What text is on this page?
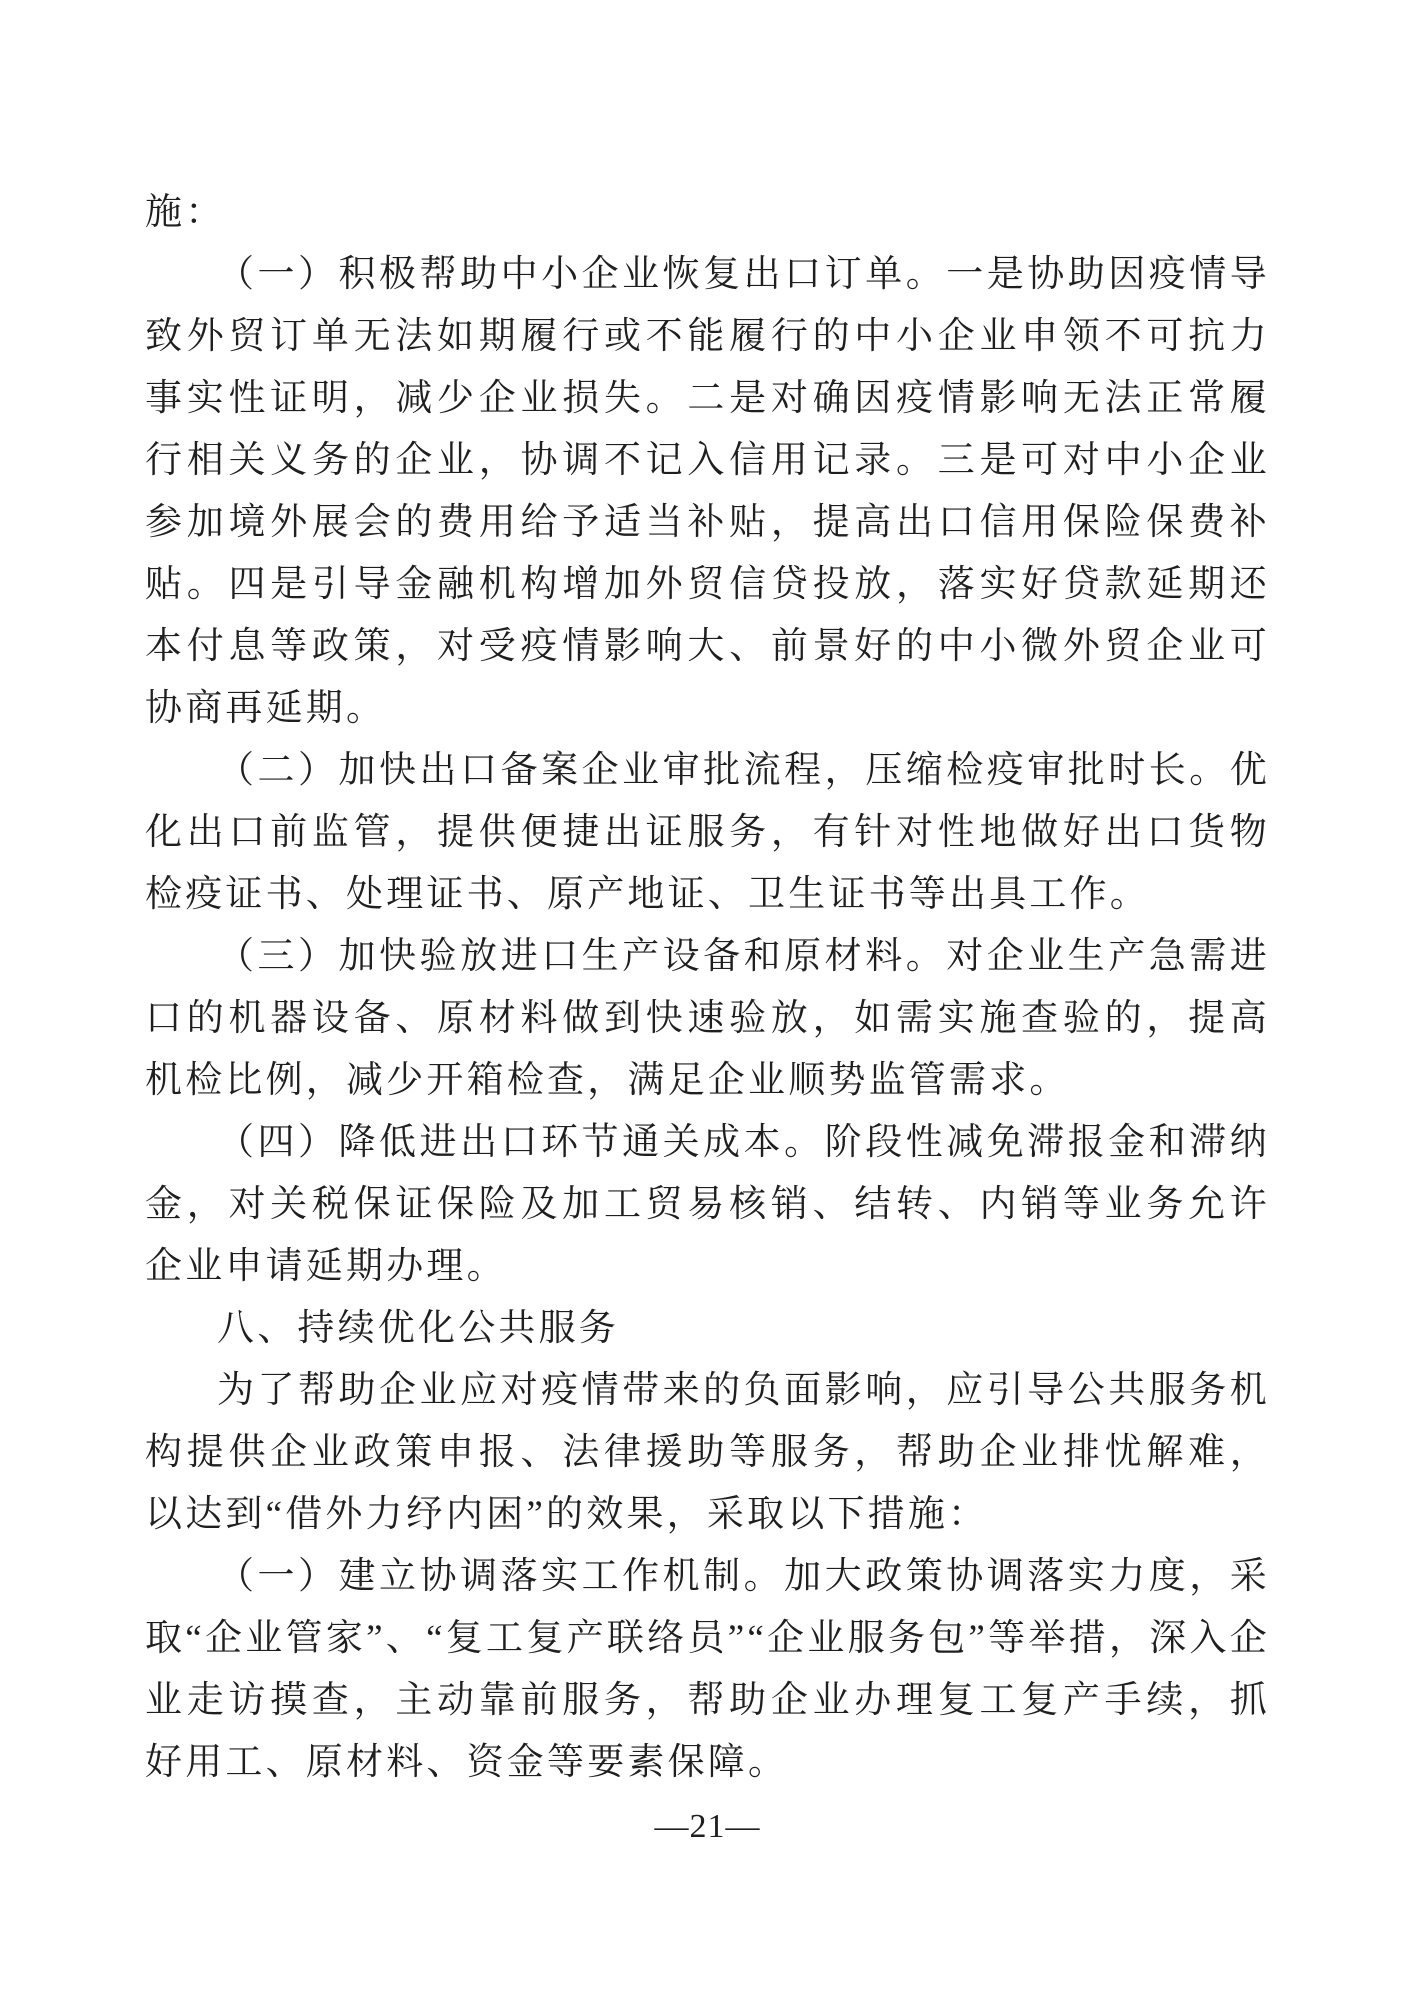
施：

（一）积极帮助中小企业恢复出口订单。一是协助因疫情导致外贸订单无法如期履行或不能履行的中小企业申领不可抗力事实性证明，减少企业损失。二是对确因疫情影响无法正常履行相关义务的企业，协调不记入信用记录。三是可对中小企业参加境外展会的费用给予适当补贴，提高出口信用保险保费补贴。四是引导金融机构增加外贸信贷投放，落实好贷款延期还本付息等政策，对受疫情影响大、前景好的中小微外贸企业可协商再延期。

（二）加快出口备案企业审批流程，压缩检疫审批时长。优化出口前监管，提供便捷出证服务，有针对性地做好出口货物检疫证书、处理证书、原产地证、卫生证书等出具工作。

（三）加快验放进口生产设备和原材料。对企业生产急需进口的机器设备、原材料做到快速验放，如需实施查验的，提高机检比例，减少开箱检查，满足企业顺势监管需求。

（四）降低进出口环节通关成本。阶段性减免滞报金和滞纳金，对关税保证保险及加工贸易核销、结转、内销等业务允许企业申请延期办理。

八、持续优化公共服务

为了帮助企业应对疫情带来的负面影响，应引导公共服务机构提供企业政策申报、法律援助等服务，帮助企业排忧解难，以达到“借外力纾内困”的效果，采取以下措施：

（一）建立协调落实工作机制。加大政策协调落实力度，采取“企业管家”、“复工复产联络员”“企业服务包”等举措，深入企业走访摸查，主动靠前服务，帮助企业办理复工复产手续，抓好用工、原材料、资金等要素保障。

—21—
